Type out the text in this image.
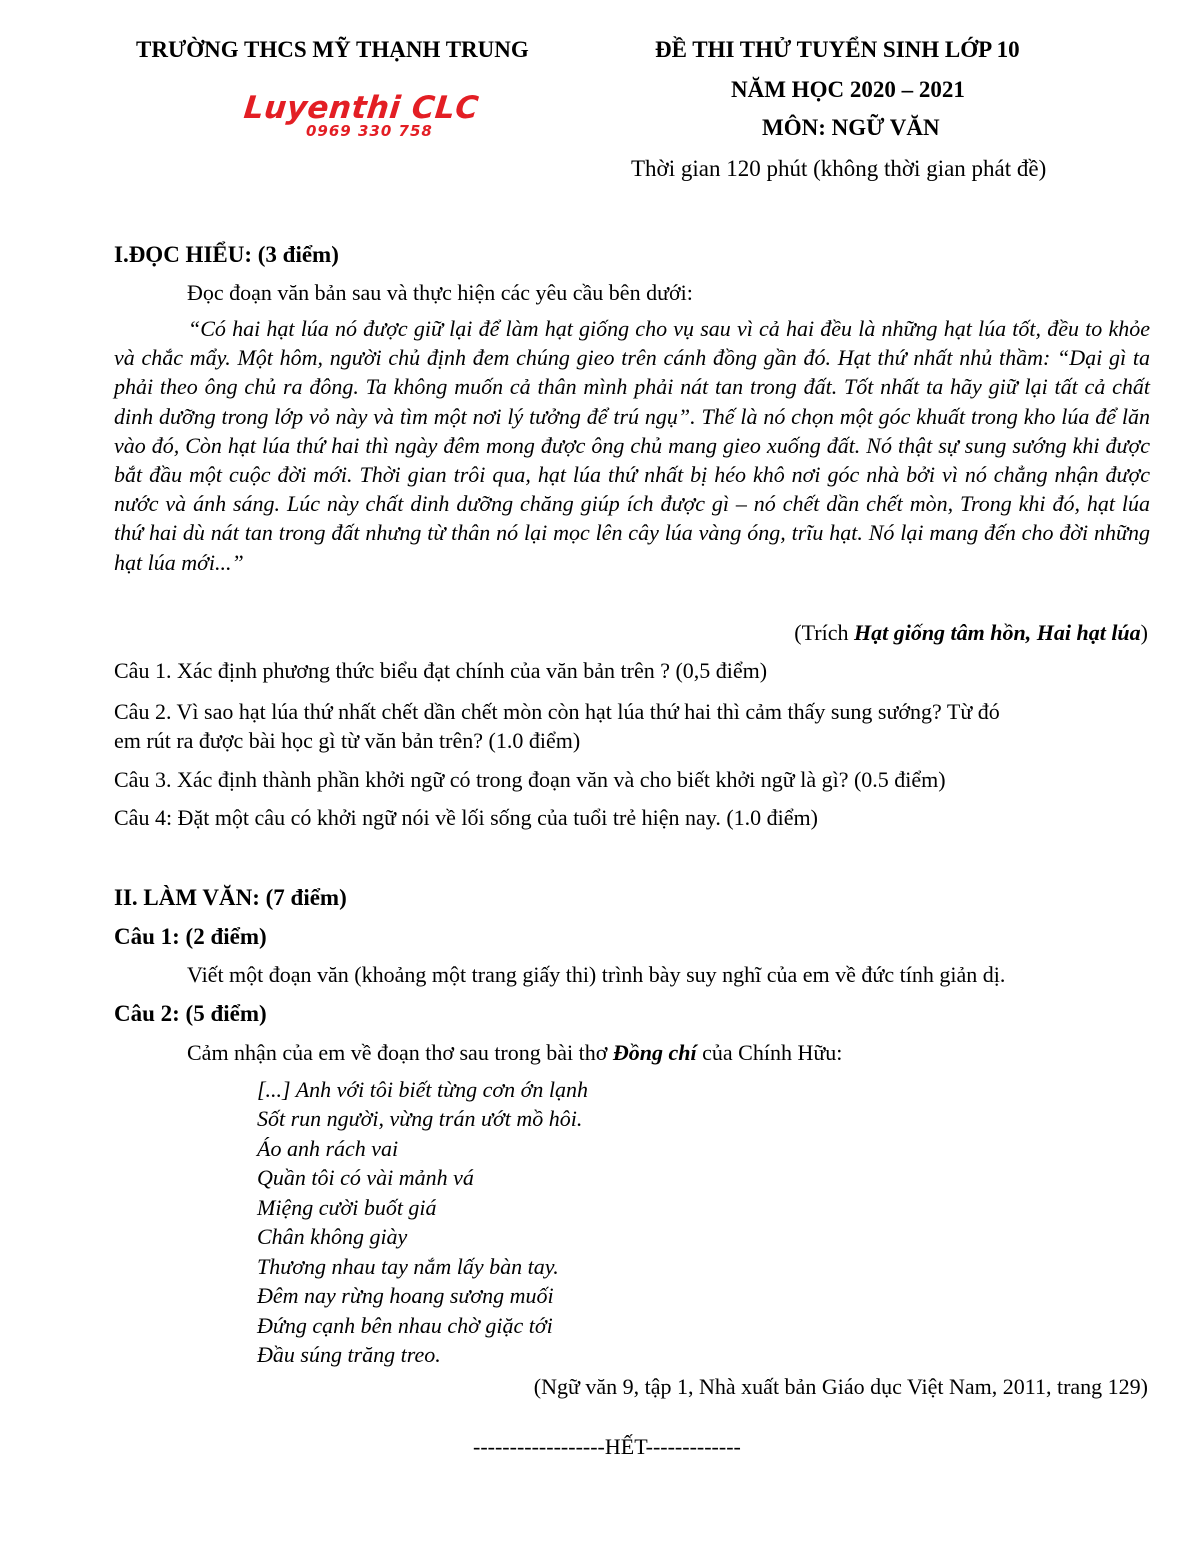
TRƯỜNG THCS MỸ THẠNH TRUNG	ĐỀ THI THỬ TUYỂN SINH LỚP 10
NĂM HỌC 2020 – 2021
MÔN: NGỮ VĂN
Thời gian 120 phút (không thời gian phát đề)
Luyenthi CLC
0969 330 758
I.ĐỌC HIỂU: (3 điểm)
Đọc đoạn văn bản sau và thực hiện các yêu cầu bên dưới:
“Có hai hạt lúa nó được giữ lại để làm hạt giống cho vụ sau vì cả hai đều là những hạt lúa tốt, đều to khỏe và chắc mẩy. Một hôm, người chủ định đem chúng gieo trên cánh đồng gần đó. Hạt thứ nhất nhủ thầm: “Dại gì ta phải theo ông chủ ra đông. Ta không muốn cả thân mình phải nát tan trong đất. Tốt nhất ta hãy giữ lại tất cả chất dinh dưỡng trong lớp vỏ này và tìm một nơi lý tưởng để trú ngụ”. Thế là nó chọn một góc khuất trong kho lúa để lăn vào đó, Còn hạt lúa thứ hai thì ngày đêm mong được ông chủ mang gieo xuống đất. Nó thật sự sung sướng khi được bắt đầu một cuộc đời mới. Thời gian trôi qua, hạt lúa thứ nhất bị héo khô nơi góc nhà bởi vì nó chẳng nhận được nước và ánh sáng. Lúc này chất dinh dưỡng chăng giúp ích được gì – nó chết dần chết mòn, Trong khi đó, hạt lúa thứ hai dù nát tan trong đất nhưng từ thân nó lại mọc lên cây lúa vàng óng, trĩu hạt. Nó lại mang đến cho đời những hạt lúa mới...”
(Trích Hạt giống tâm hồn, Hai hạt lúa)
Câu 1. Xác định phương thức biểu đạt chính của văn bản trên ? (0,5 điểm)
Câu 2. Vì sao hạt lúa thứ nhất chết dần chết mòn còn hạt lúa thứ hai thì cảm thấy sung sướng? Từ đó
em rút ra được bài học gì từ văn bản trên? (1.0 điểm)
Câu 3. Xác định thành phần khởi ngữ có trong đoạn văn và cho biết khởi ngữ là gì? (0.5 điểm)
Câu 4: Đặt một câu có khởi ngữ nói về lối sống của tuổi trẻ hiện nay. (1.0 điểm)
II. LÀM VĂN: (7 điểm)
Câu 1: (2 điểm)
Viết một đoạn văn (khoảng một trang giấy thi) trình bày suy nghĩ của em về đức tính giản dị.
Câu 2: (5 điểm)
Cảm nhận của em về đoạn thơ sau trong bài thơ Đồng chí của Chính Hữu:
[...] Anh với tôi biết từng cơn ớn lạnh
Sốt run người, vừng trán ướt mồ hôi.
Áo anh rách vai
Quần tôi có vài mảnh vá
Miệng cười buốt giá
Chân không giày
Thương nhau tay nắm lấy bàn tay.
Đêm nay rừng hoang sương muối
Đứng cạnh bên nhau chờ giặc tới
Đầu súng trăng treo.
(Ngữ văn 9, tập 1, Nhà xuất bản Giáo dục Việt Nam, 2011, trang 129)
------------------HẾT-------------
